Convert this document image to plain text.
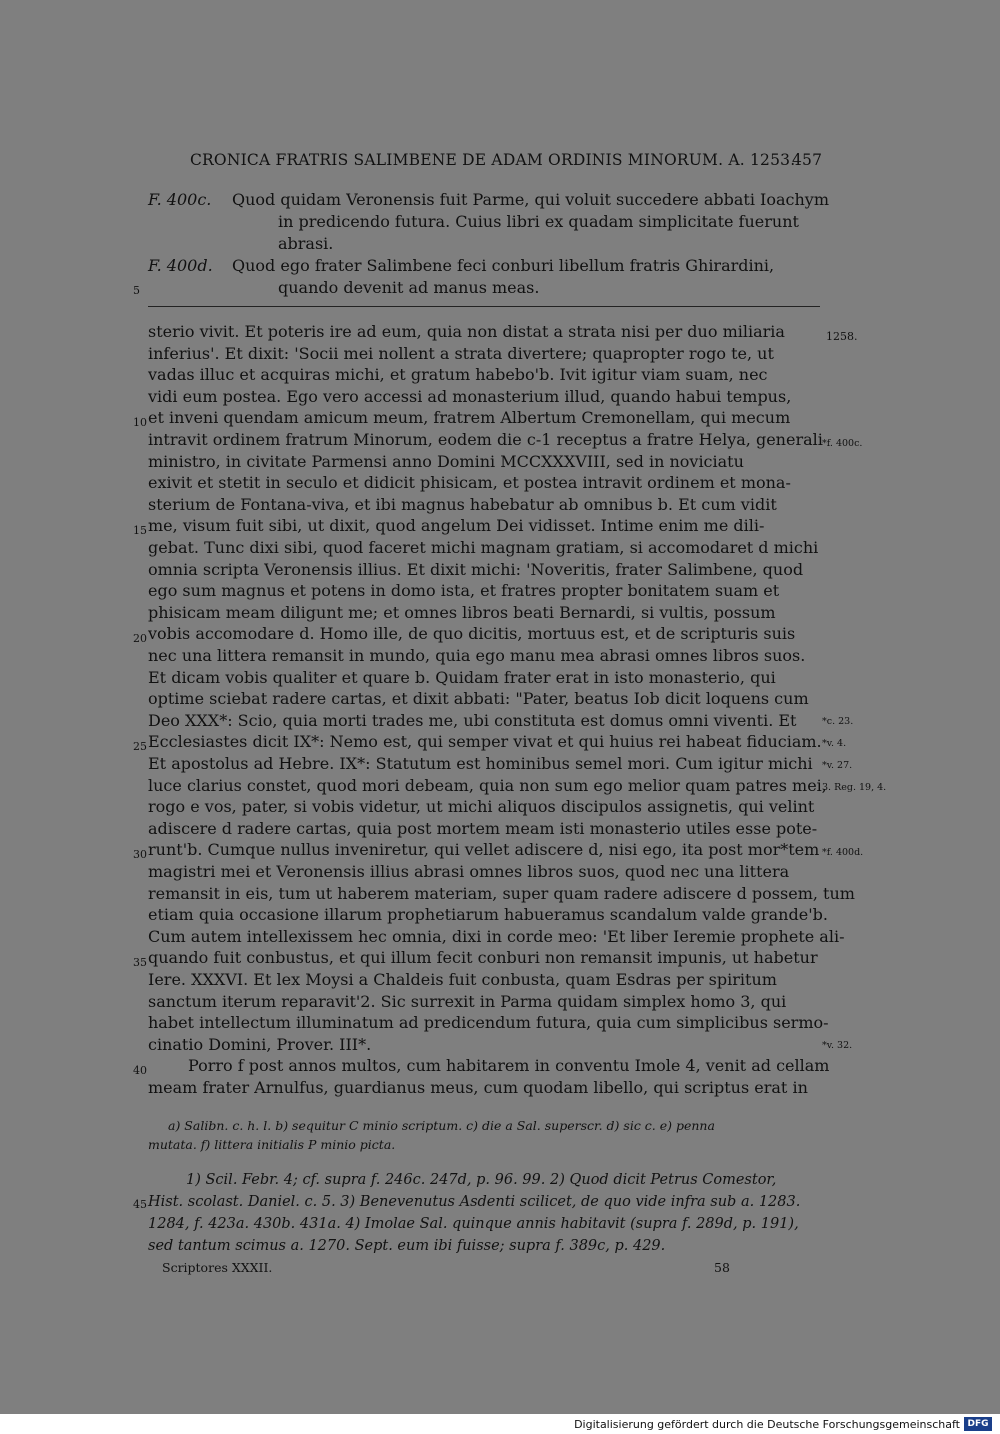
CRONICA FRATRIS SALIMBENE DE ADAM ORDINIS MINORUM. A. 1253.
457
F. 400c. Quod quidam Veronensis fuit Parme, qui voluit succedere abbati Ioachym
in predicendo futura. Cuius libri ex quadam simplicitate fuerunt
abrasi.
F. 400d. Quod ego frater Salimbene feci conburi libellum fratris Ghirardini,
quando devenit ad manus meas.
5
sterio vivit. Et poteris ire ad eum, quia non distat a strata nisi per duo miliaria
inferius'. Et dixit: 'Socii mei nollent a strata divertere; quapropter rogo te, ut
vadas illuc et acquiras michi, et gratum habebo'b. Ivit igitur viam suam, nec
vidi eum postea. Ego vero accessi ad monasterium illud, quando habui tempus,
et inveni quendam amicum meum, fratrem Albertum Cremonellam, qui mecum
intravit ordinem fratrum Minorum, eodem die c-1 receptus a fratre Helya, generali
ministro, in civitate Parmensi anno Domini MCCXXXVIII, sed in noviciatu
exivit et stetit in seculo et didicit phisicam, et postea intravit ordinem et mona-
sterium de Fontana-viva, et ibi magnus habebatur ab omnibus b. Et cum vidit
me, visum fuit sibi, ut dixit, quod angelum Dei vidisset. Intime enim me dili-
gebat. Tunc dixi sibi, quod faceret michi magnam gratiam, si accomodaret d michi
omnia scripta Veronensis illius. Et dixit michi: 'Noveritis, frater Salimbene, quod
ego sum magnus et potens in domo ista, et fratres propter bonitatem suam et
phisicam meam diligunt me; et omnes libros beati Bernardi, si vultis, possum
vobis accomodare d. Homo ille, de quo dicitis, mortuus est, et de scripturis suis
nec una littera remansit in mundo, quia ego manu mea abrasi omnes libros suos.
Et dicam vobis qualiter et quare b. Quidam frater erat in isto monasterio, qui
optime sciebat radere cartas, et dixit abbati: "Pater, beatus Iob dicit loquens cum
Deo XXX*: Scio, quia morti trades me, ubi constituta est domus omni viventi. Et
Ecclesiastes dicit IX*: Nemo est, qui semper vivat et qui huius rei habeat fiduciam.
Et apostolus ad Hebre. IX*: Statutum est hominibus semel mori. Cum igitur michi
luce clarius constet, quod mori debeam, quia non sum ego melior quam patres mei,
rogo e vos, pater, si vobis videtur, ut michi aliquos discipulos assignetis, qui velint
adiscere d radere cartas, quia post mortem meam isti monasterio utiles esse pote-
runt'b. Cumque nullus inveniretur, qui vellet adiscere d, nisi ego, ita post mor*tem
magistri mei et Veronensis illius abrasi omnes libros suos, quod nec una littera
remansit in eis, tum ut haberem materiam, super quam radere adiscere d possem, tum
etiam quia occasione illarum prophetiarum habueramus scandalum valde grande'b.
Cum autem intellexissem hec omnia, dixi in corde meo: 'Et liber Ieremie prophete ali-
quando fuit conbustus, et qui illum fecit conburi non remansit impunis, ut habetur
Iere. XXXVI. Et lex Moysi a Chaldeis fuit conbusta, quam Esdras per spiritum
sanctum iterum reparavit'2. Sic surrexit in Parma quidam simplex homo 3, qui
habet intellectum illuminatum ad predicendum futura, quia cum simplicibus sermo-
cinatio Domini, Prover. III*.
Porro f post annos multos, cum habitarem in conventu Imole 4, venit ad cellam
meam frater Arnulfus, guardianus meus, cum quodam libello, qui scriptus erat in
10
15
20
25
30
35
40
45
1258.
*f. 400c.
*c. 23.
*v. 4.
*v. 27.
3. Reg. 19, 4.
*f. 400d.
*v. 32.
a) Salibn. c. h. l. b) sequitur C minio scriptum. c) die a Sal. superscr. d) sic c. e) penna
mutata. f) littera initialis P minio picta.
1) Scil. Febr. 4; cf. supra f. 246c. 247d, p. 96. 99. 2) Quod dicit Petrus Comestor,
Hist. scolast. Daniel. c. 5. 3) Benevenutus Asdenti scilicet, de quo vide infra sub a. 1283.
1284, f. 423a. 430b. 431a. 4) Imolae Sal. quinque annis habitavit (supra f. 289d, p. 191),
sed tantum scimus a. 1270. Sept. eum ibi fuisse; supra f. 389c, p. 429.
Scriptores XXXII.	58
Digitalisierung gefördert durch die Deutsche Forschungsgemeinschaft DFG
